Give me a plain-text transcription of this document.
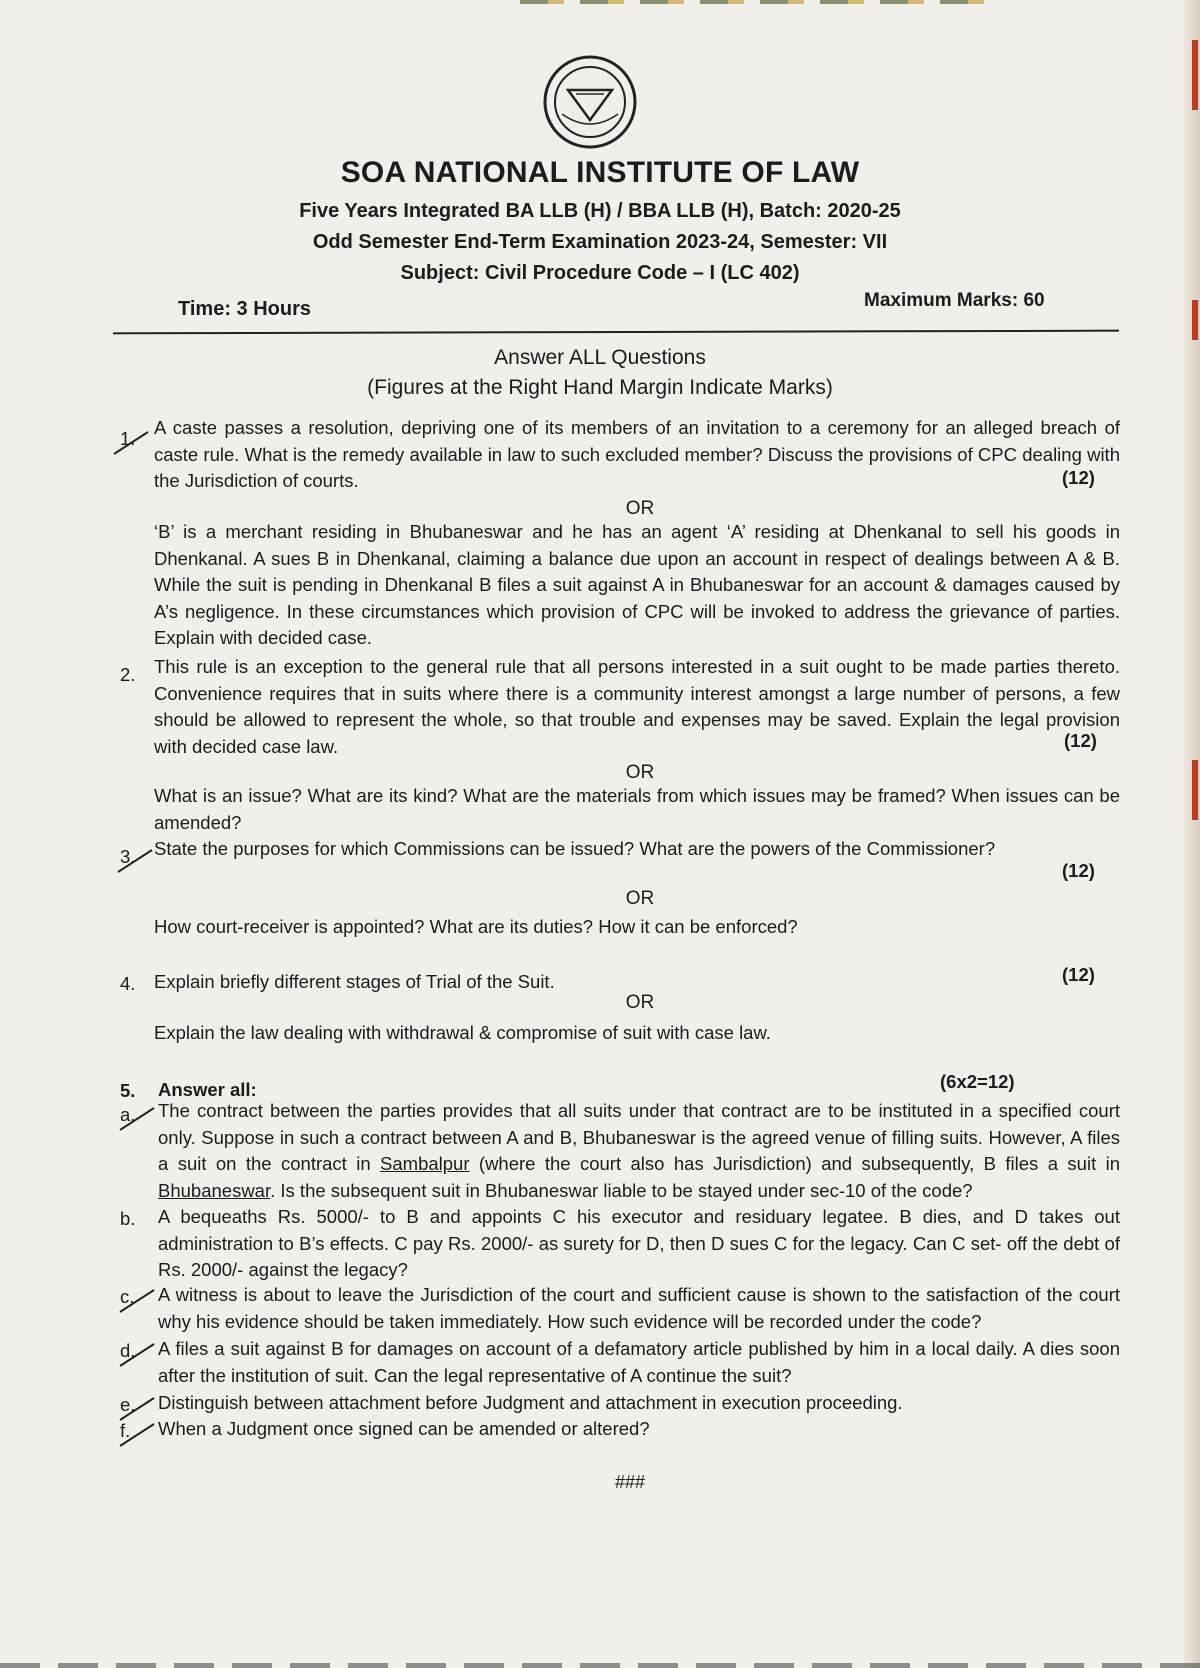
SOA NATIONAL INSTITUTE OF LAW
Five Years Integrated BA LLB (H) / BBA LLB (H), Batch: 2020-25
Odd Semester End-Term Examination 2023-24, Semester: VII
Subject: Civil Procedure Code – I (LC 402)
Time: 3 Hours	Maximum Marks: 60
Answer ALL Questions
(Figures at the Right Hand Margin Indicate Marks)
1.
A caste passes a resolution, depriving one of its members of an invitation to a ceremony for an alleged breach of caste rule. What is the remedy available in law to such excluded member? Discuss the provisions of CPC dealing with the Jurisdiction of courts.	(12)
OR
‘B’ is a merchant residing in Bhubaneswar and he has an agent ‘A’ residing at Dhenkanal to sell his goods in Dhenkanal. A sues B in Dhenkanal, claiming a balance due upon an account in respect of dealings between A & B. While the suit is pending in Dhenkanal B files a suit against A in Bhubaneswar for an account & damages caused by A’s negligence. In these circumstances which provision of CPC will be invoked to address the grievance of parties. Explain with decided case.
2. This rule is an exception to the general rule that all persons interested in a suit ought to be made parties thereto. Convenience requires that in suits where there is a community interest amongst a large number of persons, a few should be allowed to represent the whole, so that trouble and expenses may be saved. Explain the legal provision with decided case law.	(12)
OR
What is an issue? What are its kind? What are the materials from which issues may be framed? When issues can be amended?
3. State the purposes for which Commissions can be issued? What are the powers of the Commissioner?
(12)
OR
How court-receiver is appointed? What are its duties? How it can be enforced?
4. Explain briefly different stages of Trial of the Suit.	(12)
OR
Explain the law dealing with withdrawal & compromise of suit with case law.
5. Answer all:	(6x2=12)
a. The contract between the parties provides that all suits under that contract are to be instituted in a specified court only. Suppose in such a contract between A and B, Bhubaneswar is the agreed venue of filling suits. However, A files a suit on the contract in Sambalpur (where the court also has Jurisdiction) and subsequently, B files a suit in Bhubaneswar. Is the subsequent suit in Bhubaneswar liable to be stayed under sec-10 of the code?
b. A bequeaths Rs. 5000/- to B and appoints C his executor and residuary legatee. B dies, and D takes out administration to B’s effects. C pay Rs. 2000/- as surety for D, then D sues C for the legacy. Can C set- off the debt of Rs. 2000/- against the legacy?
c. A witness is about to leave the Jurisdiction of the court and sufficient cause is shown to the satisfaction of the court why his evidence should be taken immediately. How such evidence will be recorded under the code?
d. A files a suit against B for damages on account of a defamatory article published by him in a local daily. A dies soon after the institution of suit. Can the legal representative of A continue the suit?
e. Distinguish between attachment before Judgment and attachment in execution proceeding.
f. When a Judgment once signed can be amended or altered?
###
